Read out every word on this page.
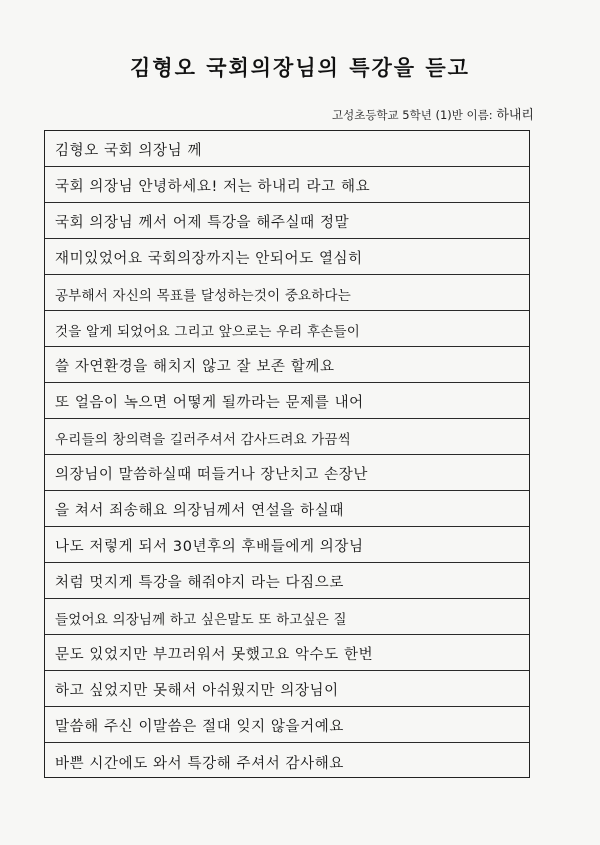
김형오 국회의장님의 특강을 듣고
고성초등학교 5학년 (1)반 이름: 하내리
김형오 국회 의장님 께
국회 의장님 안녕하세요! 저는 하내리 라고 해요
국회 의장님 께서 어제 특강을 해주실때 정말
재미있었어요 국회의장까지는 안되어도 열심히
공부해서 자신의 목표를 달성하는것이 중요하다는
것을 알게 되었어요 그리고 앞으로는 우리 후손들이
쓸 자연환경을 해치지 않고 잘 보존 할께요
또 얼음이 녹으면 어떻게 될까라는 문제를 내어
우리들의 창의력을 길러주셔서 감사드려요 가끔씩
의장님이 말씀하실때 떠들거나 장난치고 손장난
을 쳐서 죄송해요 의장님께서 연설을 하실때
나도 저렇게 되서 30년후의 후배들에게 의장님
처럼 멋지게 특강을 해줘야지 라는 다짐으로
들었어요 의장님께 하고 싶은말도 또 하고싶은 질
문도 있었지만 부끄러워서 못했고요 악수도 한번
하고 싶었지만 못해서 아쉬웠지만 의장님이
말씀해 주신 이말씀은 절대 잊지 않을거예요
바쁜 시간에도 와서 특강해 주셔서 감사해요
